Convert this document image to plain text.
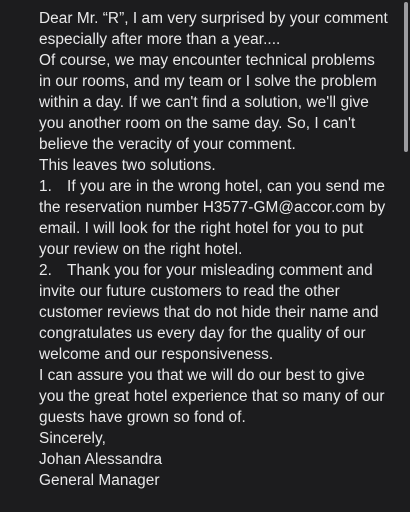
Dear Mr. “R”, I am very surprised by your comment
especially after more than a year....
Of course, we may encounter technical problems
in our rooms, and my team or I solve the problem
within a day. If we can't find a solution, we'll give
you another room on the same day. So, I can't
believe the veracity of your comment.
This leaves two solutions.
1. If you are in the wrong hotel, can you send me
the reservation number H3577-GM@accor.com by
email. I will look for the right hotel for you to put
your review on the right hotel.
2. Thank you for your misleading comment and
invite our future customers to read the other
customer reviews that do not hide their name and
congratulates us every day for the quality of our
welcome and our responsiveness.
I can assure you that we will do our best to give
you the great hotel experience that so many of our
guests have grown so fond of.
Sincerely,
Johan Alessandra
General Manager
